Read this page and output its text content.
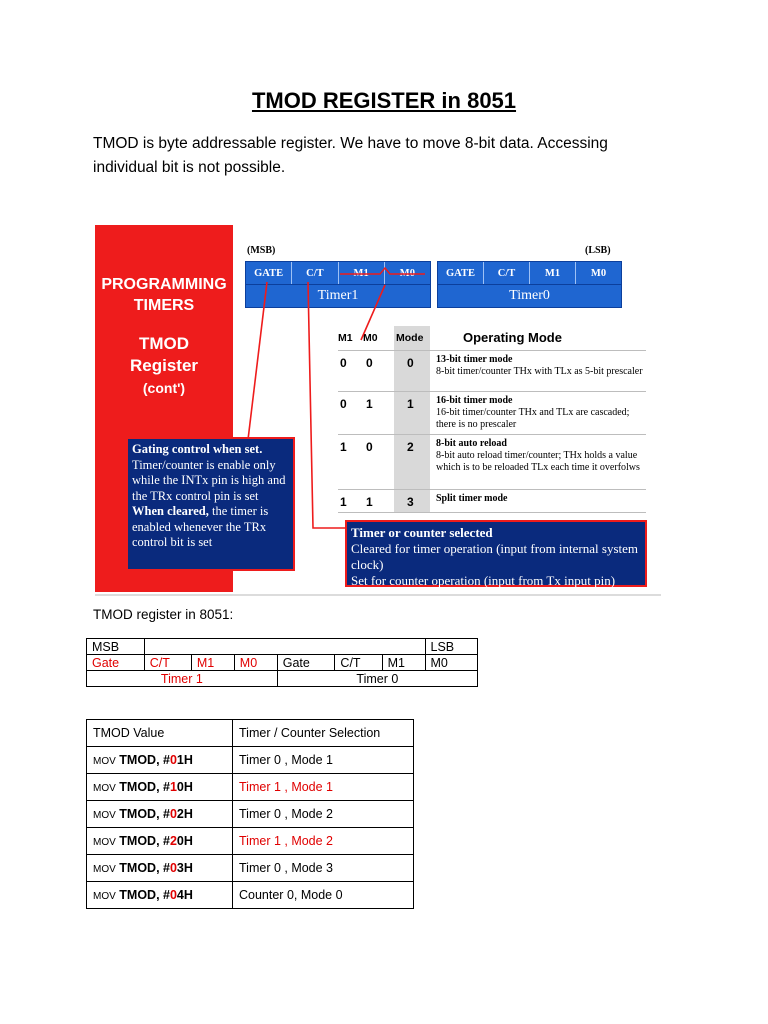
TMOD REGISTER in 8051

TMOD is byte addressable register. We have to move 8-bit data. Accessing individual bit is not possible.

PROGRAMMING
TIMERS
TMOD
Register
(cont')
(MSB)	(LSB)
GATE	C/T	M1	M0	GATE	C/T	M1	M0
Timer1	Timer0
M1 M0 Mode	Operating Mode
0 0	0 13-bit timer mode
8-bit timer/counter THx with TLx as 5-bit prescaler
0 1	1 16-bit timer mode
16-bit timer/counter THx and TLx are cascaded; there is no prescaler
1 0	2 8-bit auto reload
8-bit auto reload timer/counter; THx holds a value which is to be reloaded TLx each time it overfolws
1 1	3 Split timer mode
Gating control when set.
Timer/counter is enable only while the INTx pin is high and the TRx control pin is set
When cleared, the timer is enabled whenever the TRx control bit is set
Timer or counter selected
Cleared for timer operation (input from internal system clock)
Set for counter operation (input from Tx input pin)

TMOD register in 8051:

MSB							LSB
Gate	C/T	M1	M0	Gate	C/T	M1	M0
Timer 1				Timer 0			
TMOD Value	Timer / Counter Selection
MOV TMOD, #01H	Timer 0 , Mode 1
MOV TMOD, #10H	Timer 1 , Mode 1
MOV TMOD, #02H	Timer 0 , Mode 2
MOV TMOD, #20H	Timer 1 , Mode 2
MOV TMOD, #03H	Timer 0 , Mode 3
MOV TMOD, #04H	Counter 0, Mode 0
